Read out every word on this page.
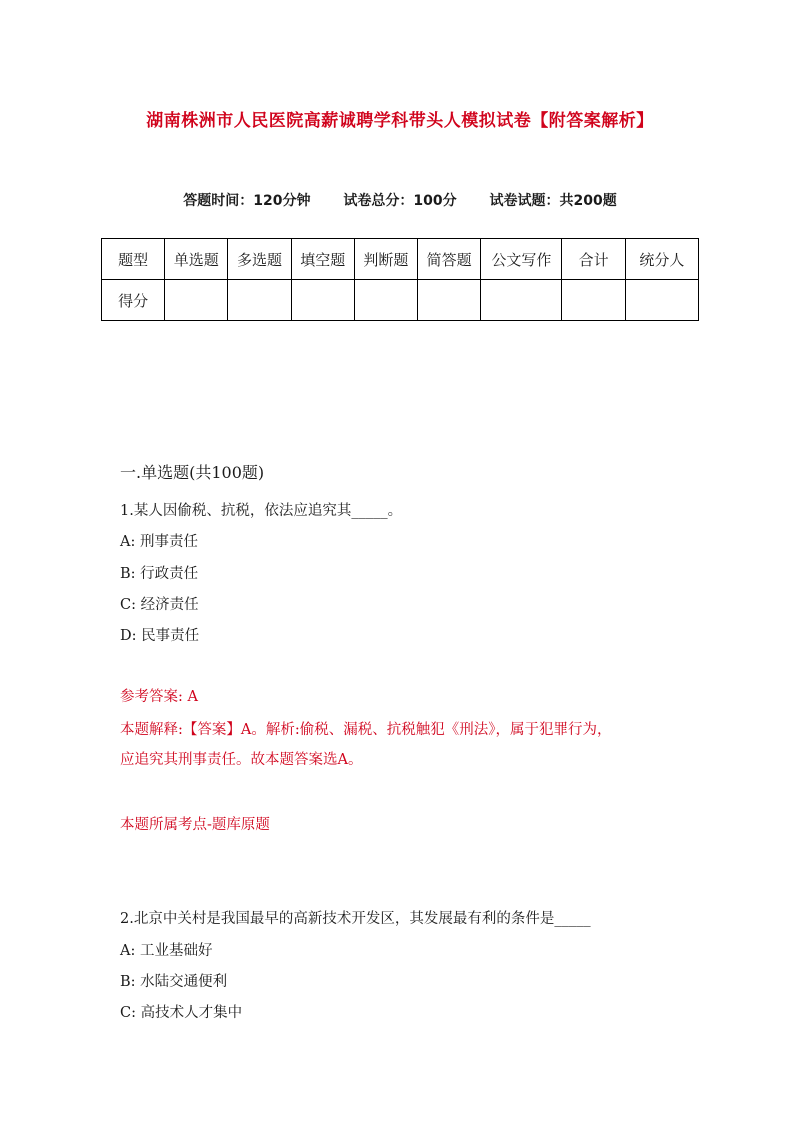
湖南株洲市人民医院高薪诚聘学科带头人模拟试卷【附答案解析】
答题时间：120分钟 试卷总分：100分 试卷试题：共200题
题型	单选题	多选题	填空题	判断题	简答题	公文写作	合计	统分人
得分								
一.单选题(共100题)
1.某人因偷税、抗税，依法应追究其_____。
A: 刑事责任
B: 行政责任
C: 经济责任
D: 民事责任
参考答案: A
本题解释:【答案】A。解析:偷税、漏税、抗税触犯《刑法》，属于犯罪行为，
应追究其刑事责任。故本题答案选A。
本题所属考点-题库原题
2.北京中关村是我国最早的高新技术开发区，其发展最有利的条件是_____
A: 工业基础好
B: 水陆交通便利
C: 高技术人才集中
